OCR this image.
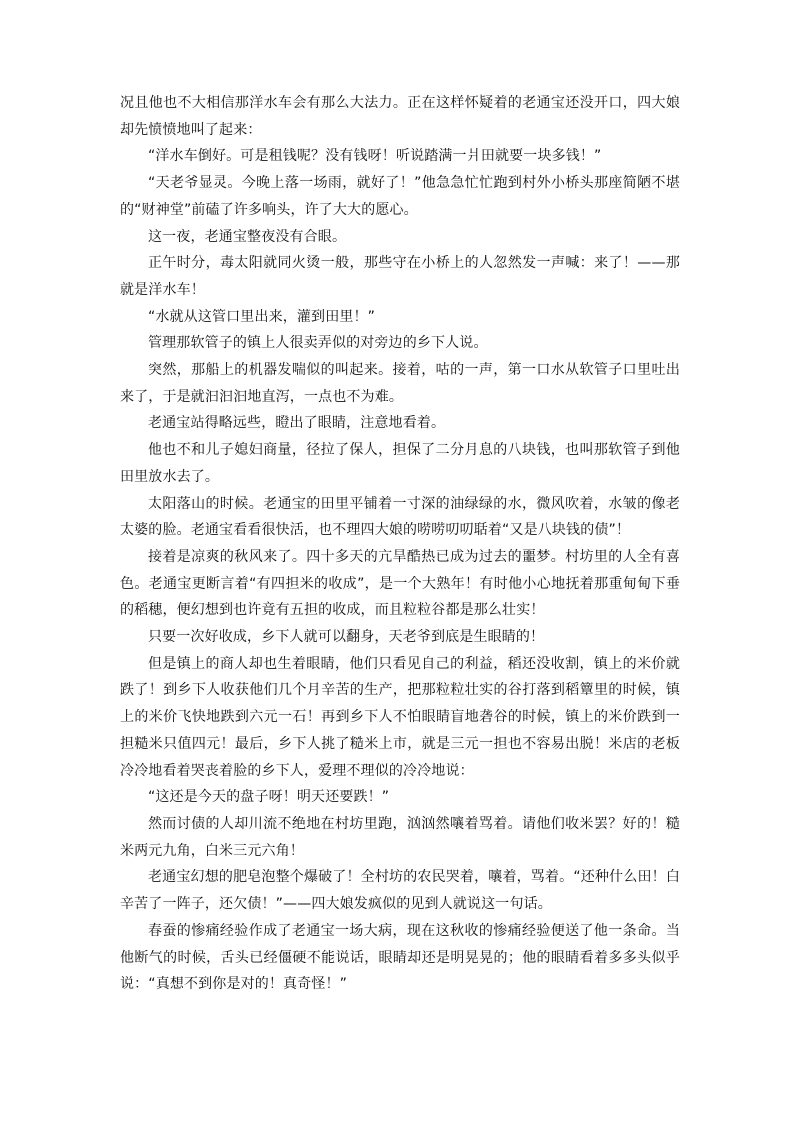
况且他也不大相信那洋水车会有那么大法力。正在这样怀疑着的老通宝还没开口，四大娘却先愤愤地叫了起来：

“洋水车倒好。可是租钱呢？没有钱呀！听说踏满一爿田就要一块多钱！”

“天老爷显灵。今晚上落一场雨，就好了！”他急急忙忙跑到村外小桥头那座简陋不堪的“财神堂”前磕了许多响头，许了大大的愿心。

这一夜，老通宝整夜没有合眼。

正午时分，毒太阳就同火烫一般，那些守在小桥上的人忽然发一声喊：来了！——那就是洋水车！

“水就从这管口里出来，灌到田里！”

管理那软管子的镇上人很卖弄似的对旁边的乡下人说。

突然，那船上的机器发喘似的叫起来。接着，咕的一声，第一口水从软管子口里吐出来了，于是就汩汩汩地直泻，一点也不为难。

老通宝站得略远些，瞪出了眼睛，注意地看着。

他也不和儿子媳妇商量，径拉了保人，担保了二分月息的八块钱，也叫那软管子到他田里放水去了。

太阳落山的时候。老通宝的田里平铺着一寸深的油绿绿的水，微风吹着，水皱的像老太婆的脸。老通宝看看很快活，也不理四大娘的唠唠叨叨聒着“又是八块钱的债”！

接着是凉爽的秋风来了。四十多天的亢旱酷热已成为过去的噩梦。村坊里的人全有喜色。老通宝更断言着“有四担米的收成”，是一个大熟年！有时他小心地抚着那重甸甸下垂的稻穗，便幻想到也许竟有五担的收成，而且粒粒谷都是那么壮实！

只要一次好收成，乡下人就可以翻身，天老爷到底是生眼睛的！

但是镇上的商人却也生着眼睛，他们只看见自己的利益，稻还没收割，镇上的米价就跌了！到乡下人收获他们几个月辛苦的生产，把那粒粒壮实的谷打落到稻簟里的时候，镇上的米价飞快地跌到六元一石！再到乡下人不怕眼睛盲地砻谷的时候，镇上的米价跌到一担糙米只值四元！最后，乡下人挑了糙米上市，就是三元一担也不容易出脱！米店的老板冷冷地看着哭丧着脸的乡下人，爱理不理似的冷冷地说：

“这还是今天的盘子呀！明天还要跌！”

然而讨债的人却川流不绝地在村坊里跑，汹汹然嚷着骂着。请他们收米罢？好的！糙米两元九角，白米三元六角！

老通宝幻想的肥皂泡整个爆破了！全村坊的农民哭着，嚷着，骂着。“还种什么田！白辛苦了一阵子，还欠债！”——四大娘发疯似的见到人就说这一句话。

春蚕的惨痛经验作成了老通宝一场大病，现在这秋收的惨痛经验便送了他一条命。当他断气的时候，舌头已经僵硬不能说话，眼睛却还是明晃晃的；他的眼睛看着多多头似乎说：“真想不到你是对的！真奇怪！”
